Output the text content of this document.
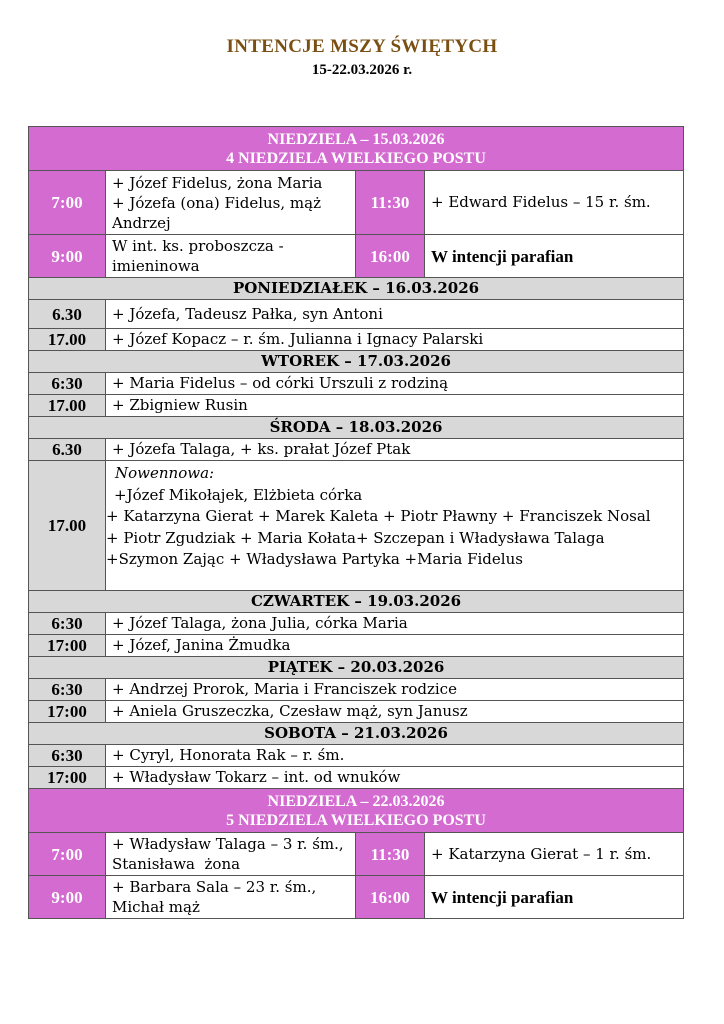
INTENCJE MSZY ŚWIĘTYCH
15-22.03.2026 r.
NIEDZIELA – 15.03.2026
4 NIEDZIELA WIELKIEGO POSTU			

7:00	+ Józef Fidelus, żona Maria
+ Józefa (ona) Fidelus, mąż
Andrzej	11:30	+ Edward Fidelus – 15 r. śm.
9:00	W int. ks. proboszcza -
imieninowa	16:00	W intencji parafian
PONIEDZIAŁEK – 16.03.2026			
6.30	+ Józefa, Tadeusz Pałka, syn Antoni		
17.00	+ Józef Kopacz – r. śm. Julianna i Ignacy Palarski		
WTOREK – 17.03.2026			
6:30	+ Maria Fidelus – od córki Urszuli z rodziną		
17.00	+ Zbigniew Rusin		
ŚRODA – 18.03.2026			
6.30	+ Józefa Talaga, + ks. prałat Józef Ptak		
17.00	Nowennowa:
+Józef Mikołajek, Elżbieta córka
+ Katarzyna Gierat + Marek Kaleta + Piotr Pławny + Franciszek Nosal
+ Piotr Zgudziak + Maria Kołata+ Szczepan i Władysława Talaga
+Szymon Zając + Władysława Partyka +Maria Fidelus		

CZWARTEK – 19.03.2026			
6:30	+ Józef Talaga, żona Julia, córka Maria		
17:00	+ Józef, Janina Żmudka		
PIĄTEK – 20.03.2026			
6:30	+ Andrzej Prorok, Maria i Franciszek rodzice		
17:00	+ Aniela Gruszeczka, Czesław mąż, syn Janusz		
SOBOTA – 21.03.2026			
6:30	+ Cyryl, Honorata Rak – r. śm.		
17:00	+ Władysław Tokarz – int. od wnuków		

NIEDZIELA – 22.03.2026
5 NIEDZIELA WIELKIEGO POSTU			

7:00	+ Władysław Talaga – 3 r. śm.,
Stanisława  żona	11:30	+ Katarzyna Gierat – 1 r. śm.
9:00	+ Barbara Sala – 23 r. śm.,
Michał mąż	16:00	W intencji parafian
